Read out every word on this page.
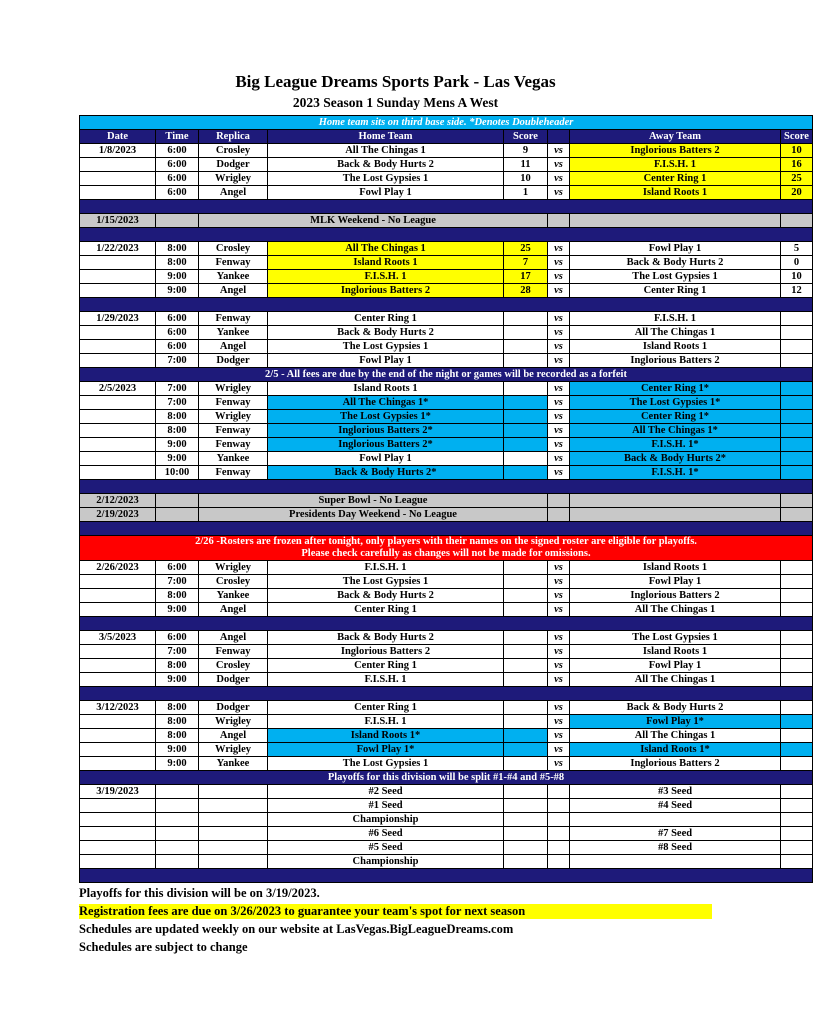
Big League Dreams Sports Park - Las Vegas
2023 Season 1 Sunday Mens A West
Home team sits on third base side. *Denotes Doubleheader							
Date	Time	Replica	Home Team	Score		Away Team	Score
1/8/2023	6:00	Crosley	All The Chingas 1	9	vs	Inglorious Batters 2	10
	6:00	Dodger	Back & Body Hurts 2	11	vs	F.I.S.H. 1	16
	6:00	Wrigley	The Lost Gypsies 1	10	vs	Center Ring 1	25
	6:00	Angel	Fowl Play 1	1	vs	Island Roots 1	20

1/15/2023		MLK Weekend - No League					

1/22/2023	8:00	Crosley	All The Chingas 1	25	vs	Fowl Play 1	5
	8:00	Fenway	Island Roots 1	7	vs	Back & Body Hurts 2	0
	9:00	Yankee	F.I.S.H. 1	17	vs	The Lost Gypsies 1	10
	9:00	Angel	Inglorious Batters 2	28	vs	Center Ring 1	12

1/29/2023	6:00	Fenway	Center Ring 1		vs	F.I.S.H. 1	
	6:00	Yankee	Back & Body Hurts 2		vs	All The Chingas 1	
	6:00	Angel	The Lost Gypsies 1		vs	Island Roots 1	
	7:00	Dodger	Fowl Play 1		vs	Inglorious Batters 2	
2/5 - All fees are due by the end of the night or games will be recorded as a forfeit							
2/5/2023	7:00	Wrigley	Island Roots 1		vs	Center Ring 1*	
	7:00	Fenway	All The Chingas 1*		vs	The Lost Gypsies 1*	
	8:00	Wrigley	The Lost Gypsies 1*		vs	Center Ring 1*	
	8:00	Fenway	Inglorious Batters 2*		vs	All The Chingas 1*	
	9:00	Fenway	Inglorious Batters 2*		vs	F.I.S.H. 1*	
	9:00	Yankee	Fowl Play 1		vs	Back & Body Hurts 2*	
	10:00	Fenway	Back & Body Hurts 2*		vs	F.I.S.H. 1*	

2/12/2023		Super Bowl - No League					
2/19/2023		Presidents Day Weekend - No League					

2/26 -Rosters are frozen after tonight, only players with their names on the signed roster are eligible for playoffs.
Please check carefully as changes will not be made for omissions.							

2/26/2023	6:00	Wrigley	F.I.S.H. 1		vs	Island Roots 1	
	7:00	Crosley	The Lost Gypsies 1		vs	Fowl Play 1	
	8:00	Yankee	Back & Body Hurts 2		vs	Inglorious Batters 2	
	9:00	Angel	Center Ring 1		vs	All The Chingas 1	

3/5/2023	6:00	Angel	Back & Body Hurts 2		vs	The Lost Gypsies 1	
	7:00	Fenway	Inglorious Batters 2		vs	Island Roots 1	
	8:00	Crosley	Center Ring 1		vs	Fowl Play 1	
	9:00	Dodger	F.I.S.H. 1		vs	All The Chingas 1	

3/12/2023	8:00	Dodger	Center Ring 1		vs	Back & Body Hurts 2	
	8:00	Wrigley	F.I.S.H. 1		vs	Fowl Play 1*	
	8:00	Angel	Island Roots 1*		vs	All The Chingas 1	
	9:00	Wrigley	Fowl Play 1*		vs	Island Roots 1*	
	9:00	Yankee	The Lost Gypsies 1		vs	Inglorious Batters 2	
Playoffs for this division will be split #1-#4 and #5-#8							
3/19/2023			#2 Seed			#3 Seed	
			#1 Seed			#4 Seed	
			Championship				
			#6 Seed			#7 Seed	
			#5 Seed			#8 Seed	
			Championship				

Playoffs for this division will be on 3/19/2023.
Registration fees are due on 3/26/2023 to guarantee your team's spot for next season
Schedules are updated weekly on our website at LasVegas.BigLeagueDreams.com
Schedules are subject to change
